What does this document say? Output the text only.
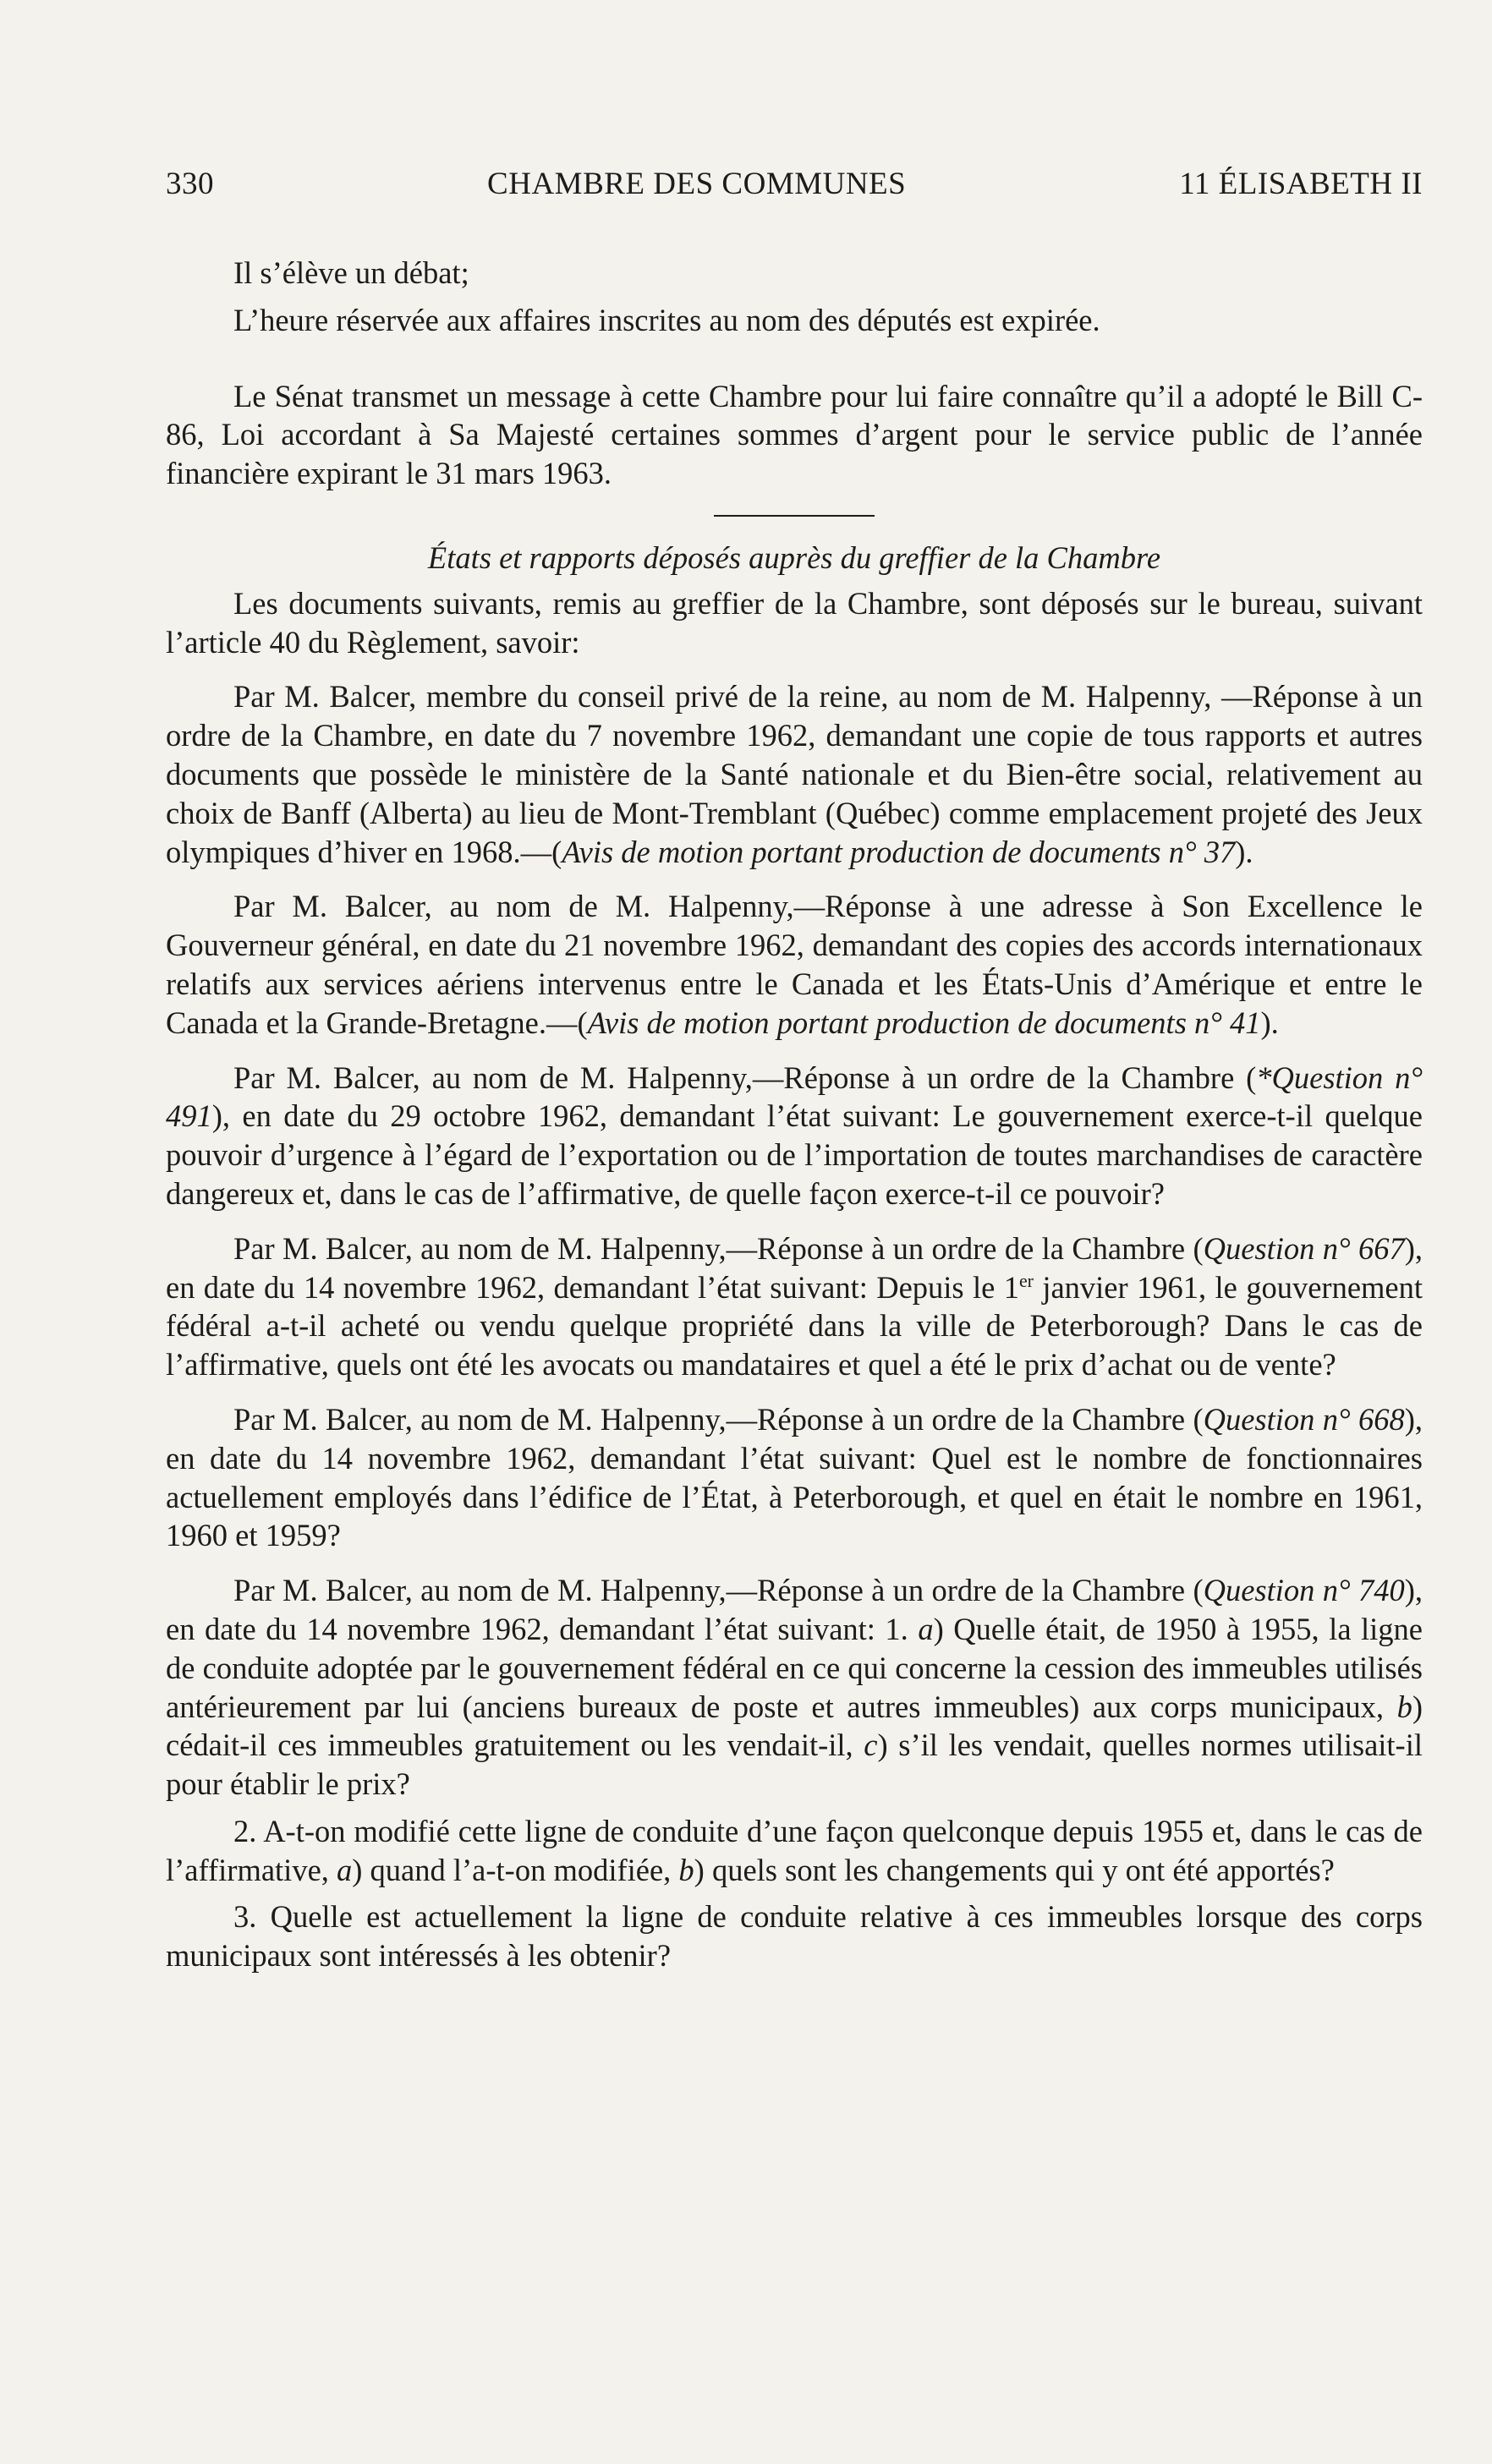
330	CHAMBRE DES COMMUNES	11 ÉLISABETH II

Il s’élève un débat;

L’heure réservée aux affaires inscrites au nom des députés est expirée.

Le Sénat transmet un message à cette Chambre pour lui faire connaître qu’il a adopté le Bill C-86, Loi accordant à Sa Majesté certaines sommes d’argent pour le service public de l’année financière expirant le 31 mars 1963.

États et rapports déposés auprès du greffier de la Chambre

Les documents suivants, remis au greffier de la Chambre, sont déposés sur le bureau, suivant l’article 40 du Règlement, savoir:

Par M. Balcer, membre du conseil privé de la reine, au nom de M. Halpenny, —Réponse à un ordre de la Chambre, en date du 7 novembre 1962, demandant une copie de tous rapports et autres documents que possède le ministère de la Santé nationale et du Bien-être social, relativement au choix de Banff (Alberta) au lieu de Mont-Tremblant (Québec) comme emplacement projeté des Jeux olympiques d’hiver en 1968.—(Avis de motion portant production de documents n° 37).

Par M. Balcer, au nom de M. Halpenny,—Réponse à une adresse à Son Excellence le Gouverneur général, en date du 21 novembre 1962, demandant des copies des accords internationaux relatifs aux services aériens intervenus entre le Canada et les États-Unis d’Amérique et entre le Canada et la Grande-Bretagne.—(Avis de motion portant production de documents n° 41).

Par M. Balcer, au nom de M. Halpenny,—Réponse à un ordre de la Chambre (*Question n° 491), en date du 29 octobre 1962, demandant l’état suivant: Le gouvernement exerce-t-il quelque pouvoir d’urgence à l’égard de l’exportation ou de l’importation de toutes marchandises de caractère dangereux et, dans le cas de l’affirmative, de quelle façon exerce-t-il ce pouvoir?

Par M. Balcer, au nom de M. Halpenny,—Réponse à un ordre de la Chambre (Question n° 667), en date du 14 novembre 1962, demandant l’état suivant: Depuis le 1er janvier 1961, le gouvernement fédéral a-t-il acheté ou vendu quelque propriété dans la ville de Peterborough? Dans le cas de l’affirmative, quels ont été les avocats ou mandataires et quel a été le prix d’achat ou de vente?

Par M. Balcer, au nom de M. Halpenny,—Réponse à un ordre de la Chambre (Question n° 668), en date du 14 novembre 1962, demandant l’état suivant: Quel est le nombre de fonctionnaires actuellement employés dans l’édifice de l’État, à Peterborough, et quel en était le nombre en 1961, 1960 et 1959?

Par M. Balcer, au nom de M. Halpenny,—Réponse à un ordre de la Chambre (Question n° 740), en date du 14 novembre 1962, demandant l’état suivant: 1. a) Quelle était, de 1950 à 1955, la ligne de conduite adoptée par le gouvernement fédéral en ce qui concerne la cession des immeubles utilisés antérieurement par lui (anciens bureaux de poste et autres immeubles) aux corps municipaux, b) cédait-il ces immeubles gratuitement ou les vendait-il, c) s’il les vendait, quelles normes utilisait-il pour établir le prix?

2. A-t-on modifié cette ligne de conduite d’une façon quelconque depuis 1955 et, dans le cas de l’affirmative, a) quand l’a-t-on modifiée, b) quels sont les changements qui y ont été apportés?

3. Quelle est actuellement la ligne de conduite relative à ces immeubles lorsque des corps municipaux sont intéressés à les obtenir?
